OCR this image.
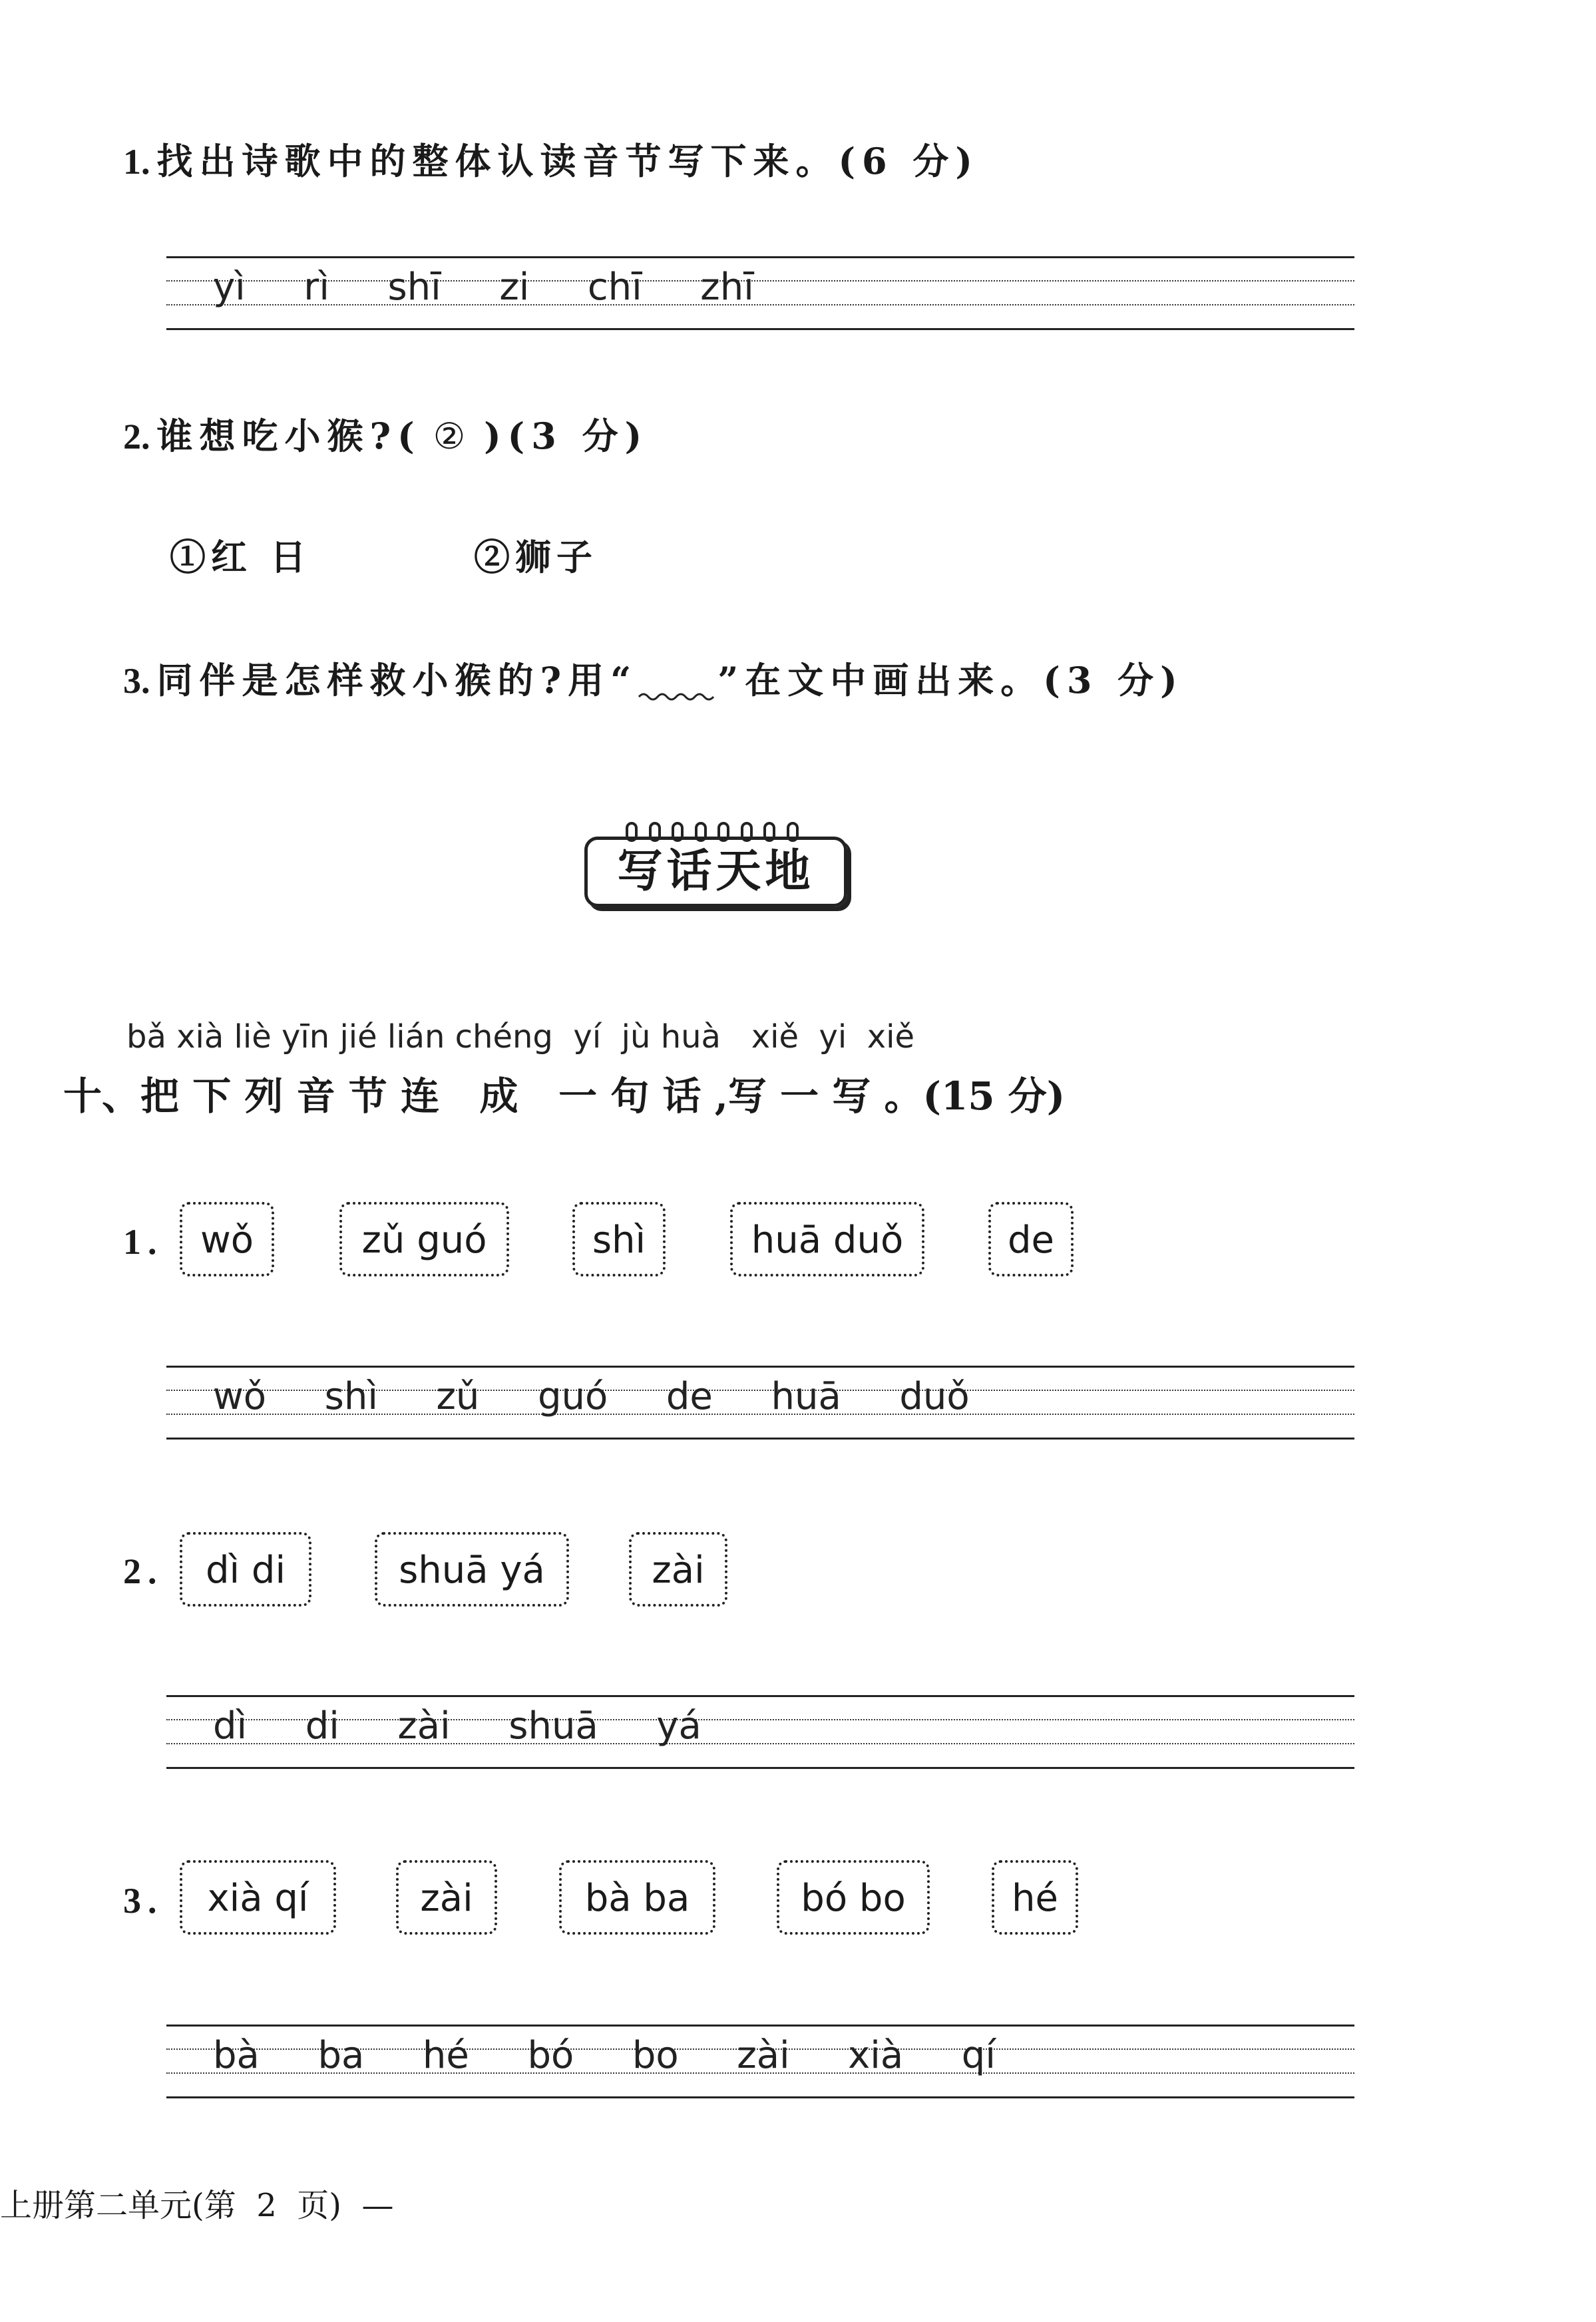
1. 找出诗歌中的整体认读音节写下来。(6 分)
yì  rì  shī  zi  chī  zhī
2. 谁想吃小猴?( ② )(3 分)
①红 日	②狮子
3. 同伴是怎样救小猴的?用“ ”在文中画出来。(3 分)
写话天地
bǎ xià liè yīn jié lián chéng  yí  jù huà   xiě  yi  xiě
十、把 下 列 音 节 连   成   一 句 话 ,写 一 写 。(15 分)
1. wǒ	zǔ guó	shì	huā duǒ	de
wǒ  shì  zǔ  guó  de  huā  duǒ
2.	dì di	shuā yá	zài
dì  di  zài  shuā  yá
3.	xià qí	zài	bà ba	bó bo	hé
bà  ba  hé  bó  bo  zài  xià  qí
上册第二单元(第  2  页)  —
